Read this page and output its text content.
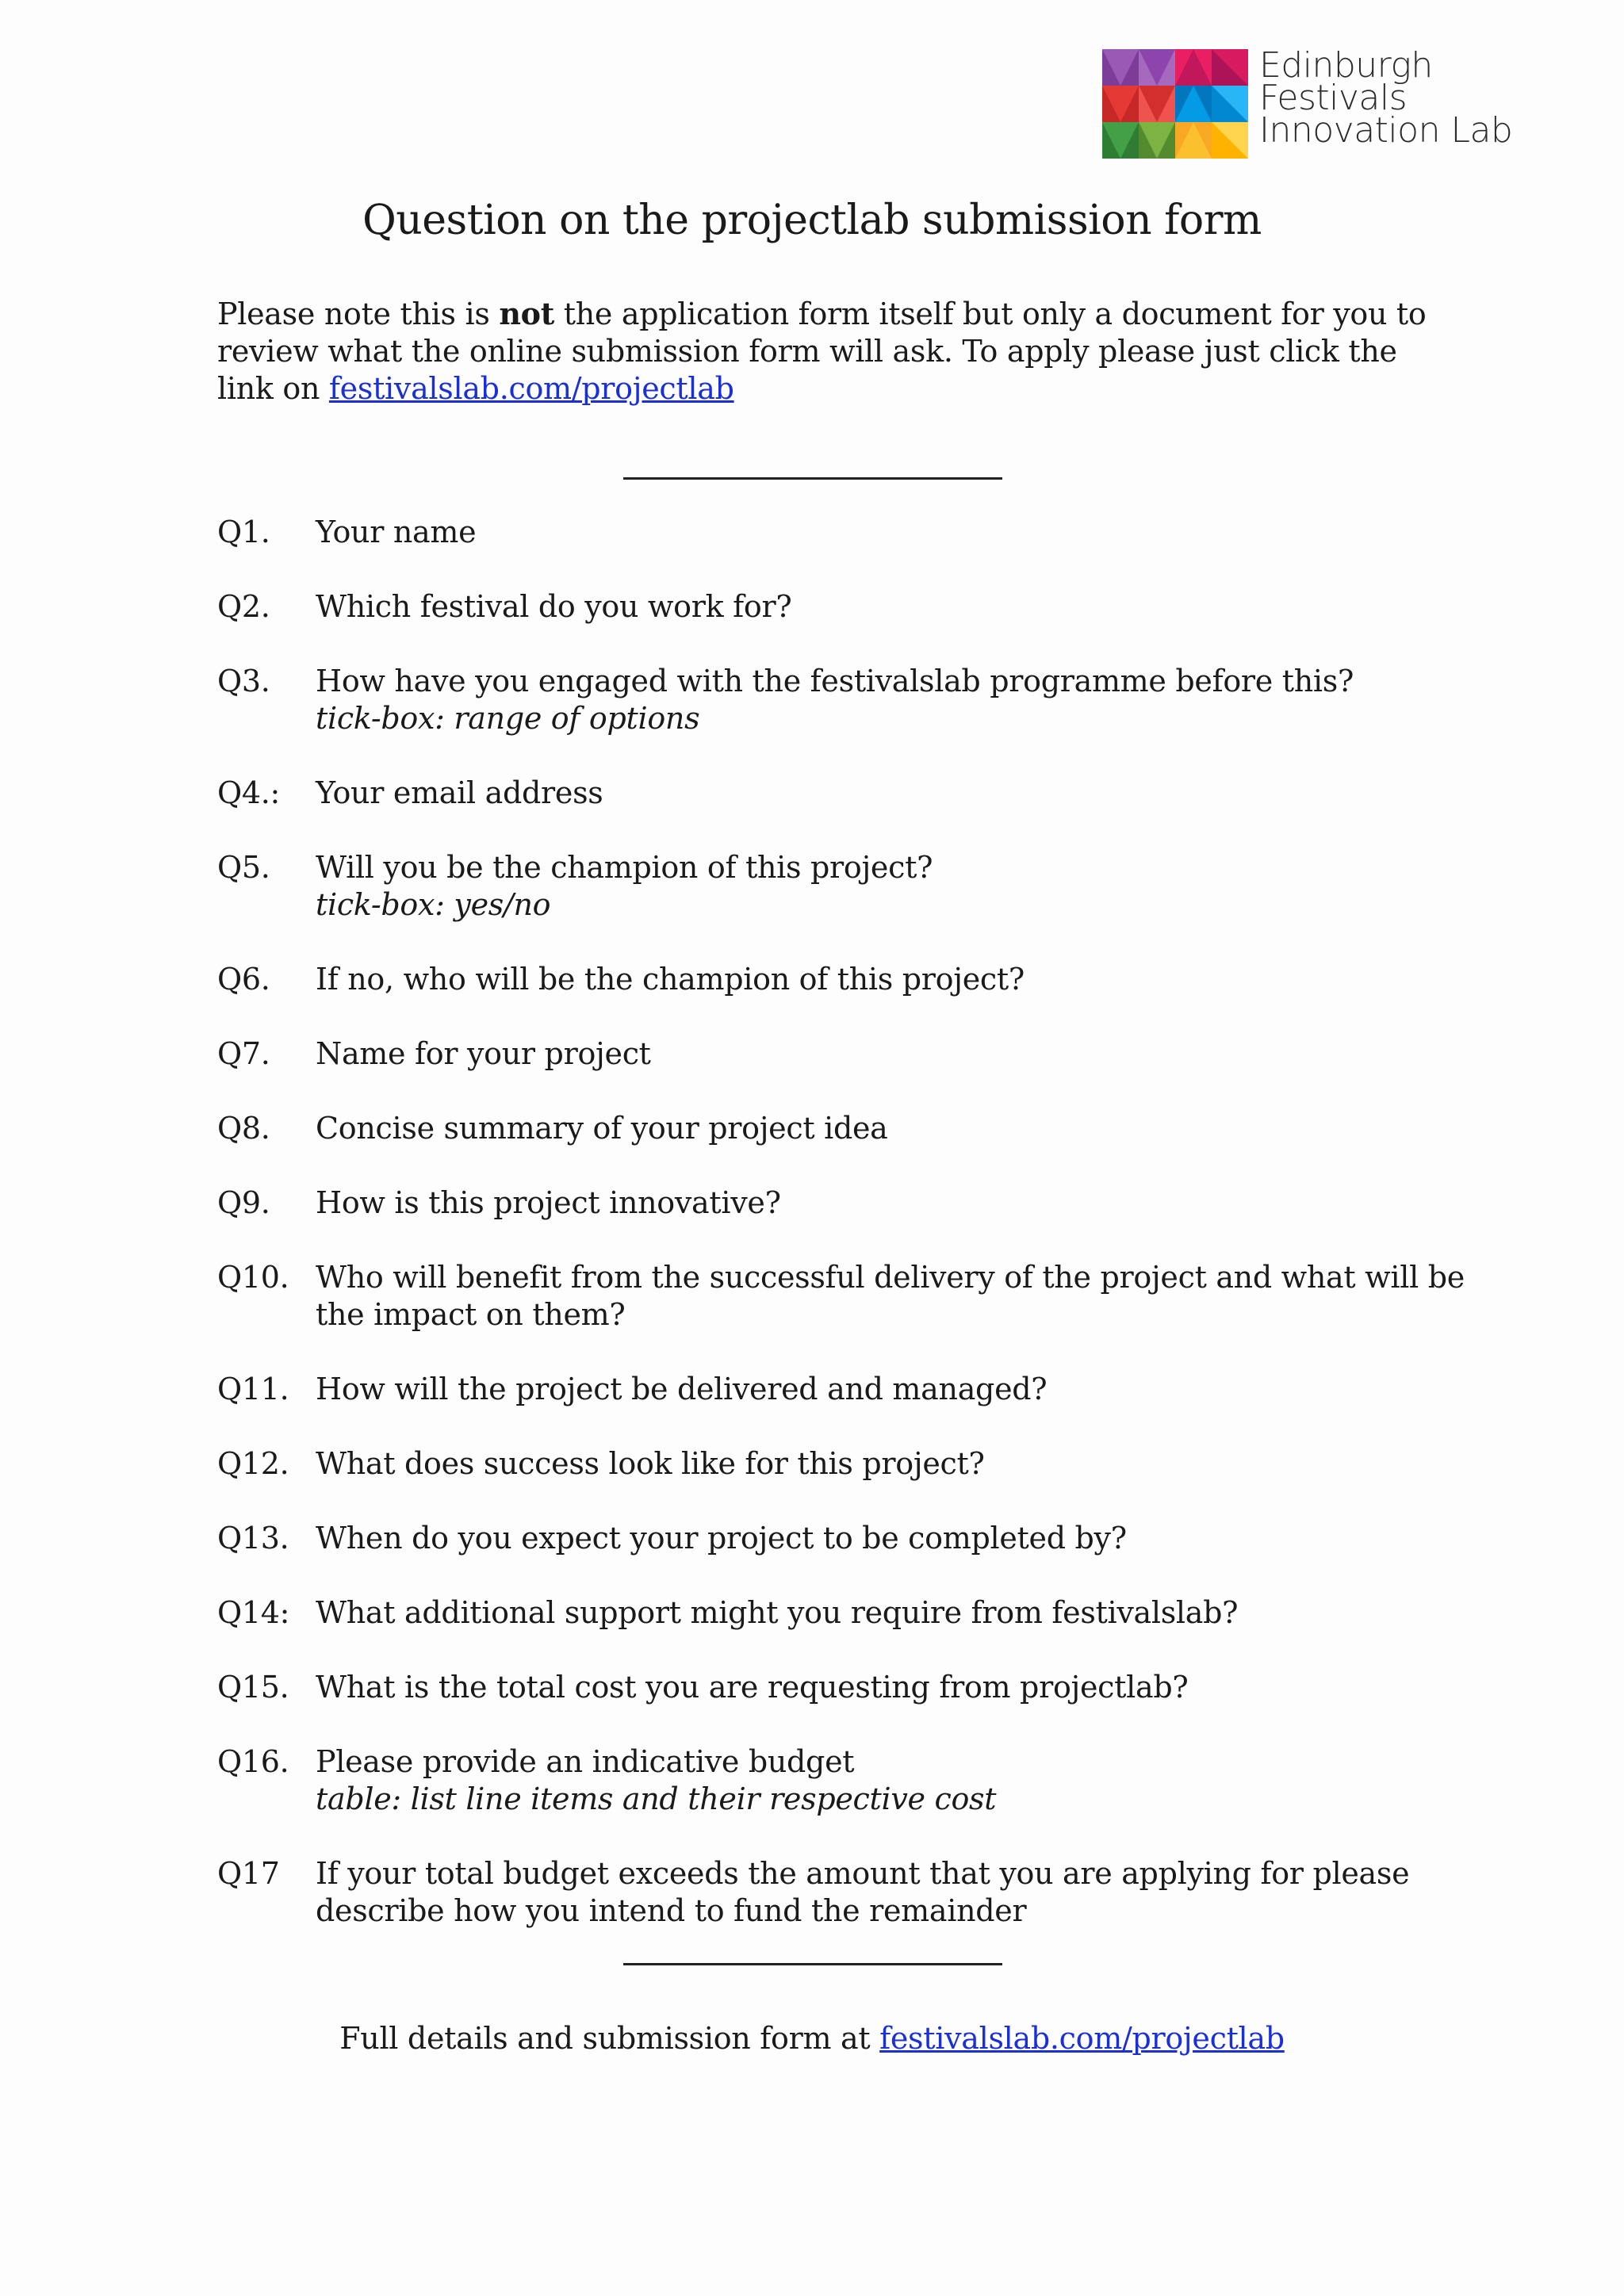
Edinburgh
Festivals
Innovation Lab
Question on the projectlab submission form

Please note this is not the application form itself but only a document for you to review what the online submission form will ask. To apply please just click the link on festivalslab.com/projectlab

Q1.	Your name
Q2.	Which festival do you work for?
Q3.	How have you engaged with the festivalslab programme before this?
tick-box: range of options
Q4.:	Your email address
Q5.	Will you be the champion of this project?
tick-box: yes/no
Q6.	If no, who will be the champion of this project?
Q7.	Name for your project
Q8.	Concise summary of your project idea
Q9.	How is this project innovative?
Q10. Who will benefit from the successful delivery of the project and what will be the impact on them?
Q11. How will the project be delivered and managed?
Q12. What does success look like for this project?
Q13. When do you expect your project to be completed by?
Q14: What additional support might you require from festivalslab?
Q15. What is the total cost you are requesting from projectlab?
Q16. Please provide an indicative budget
table: list line items and their respective cost
Q17	If your total budget exceeds the amount that you are applying for please describe how you intend to fund the remainder
Full details and submission form at festivalslab.com/projectlab
